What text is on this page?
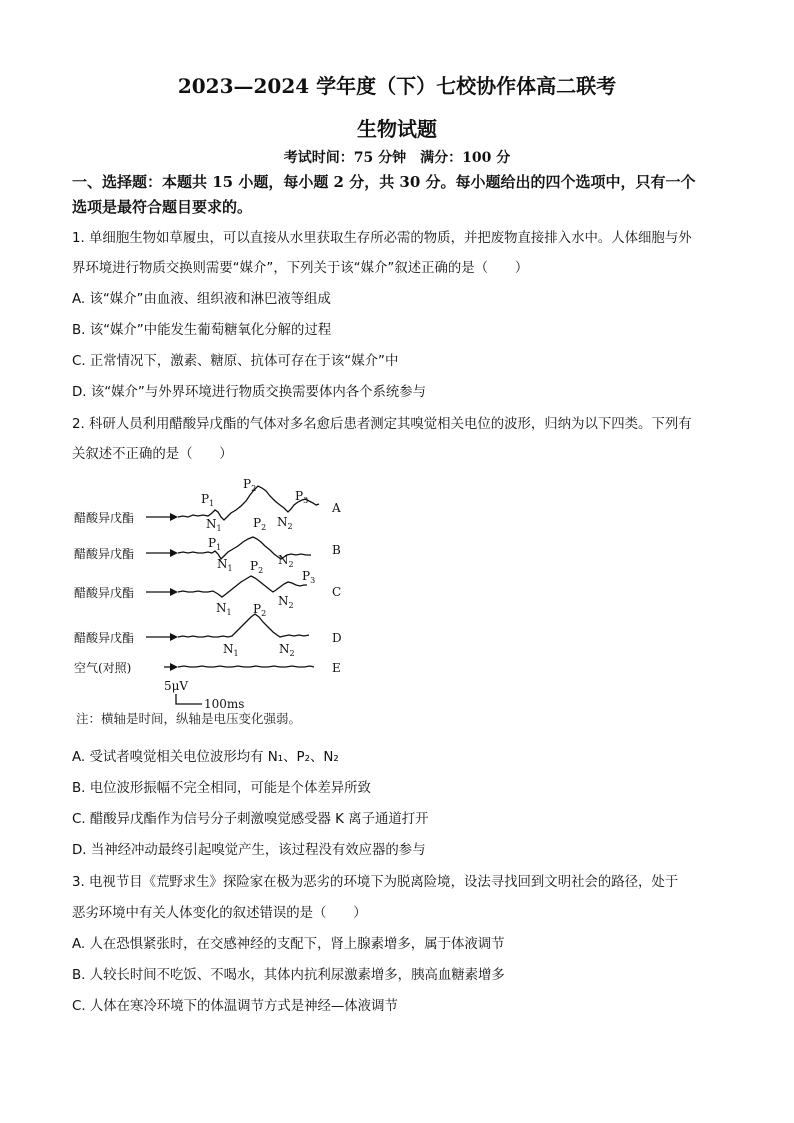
2023—2024 学年度（下）七校协作体高二联考
生物试题
考试时间：75 分钟　满分：100 分
一、选择题：本题共 15 小题，每小题 2 分，共 30 分。每小题给出的四个选项中，只有一个
选项是最符合题目要求的。
1. 单细胞生物如草履虫，可以直接从水里获取生存所必需的物质，并把废物直接排入水中。人体细胞与外
界环境进行物质交换则需要“媒介”，下列关于该“媒介”叙述正确的是（　　）
A. 该“媒介”由血液、组织液和淋巴液等组成
B. 该“媒介”中能发生葡萄糖氧化分解的过程
C. 正常情况下，激素、糖原、抗体可存在于该“媒介”中
D. 该“媒介”与外界环境进行物质交换需要体内各个系统参与
2. 科研人员利用醋酸异戊酯的气体对多名愈后患者测定其嗅觉相关电位的波形，归纳为以下四类。下列有
关叙述不正确的是（　　）
醋酸异戊酯
A
$P_1$
$N_1$
$P_2$
$N_2$
$P_3$
醋酸异戊酯	B
$P_1$
$N_1$
$P_2$
$N_2$
醋酸异戊酯	C
$N_1$
$P_2$
$N_2$
$P_3$
醋酸异戊酯	D
$N_1$
$P_2$
$N_2$
空气(对照)	E
5μV
100ms
注：横轴是时间，纵轴是电压变化强弱。
A. 受试者嗅觉相关电位波形均有 N₁、P₂、N₂
B. 电位波形振幅不完全相同，可能是个体差异所致
C. 醋酸异戊酯作为信号分子刺激嗅觉感受器 K 离子通道打开
D. 当神经冲动最终引起嗅觉产生，该过程没有效应器的参与
3. 电视节目《荒野求生》探险家在极为恶劣的环境下为脱离险境，设法寻找回到文明社会的路径，处于
恶劣环境中有关人体变化的叙述错误的是（　　）
A. 人在恐惧紧张时，在交感神经的支配下，肾上腺素增多，属于体液调节
B. 人较长时间不吃饭、不喝水，其体内抗利尿激素增多，胰高血糖素增多
C. 人体在寒冷环境下的体温调节方式是神经—体液调节
